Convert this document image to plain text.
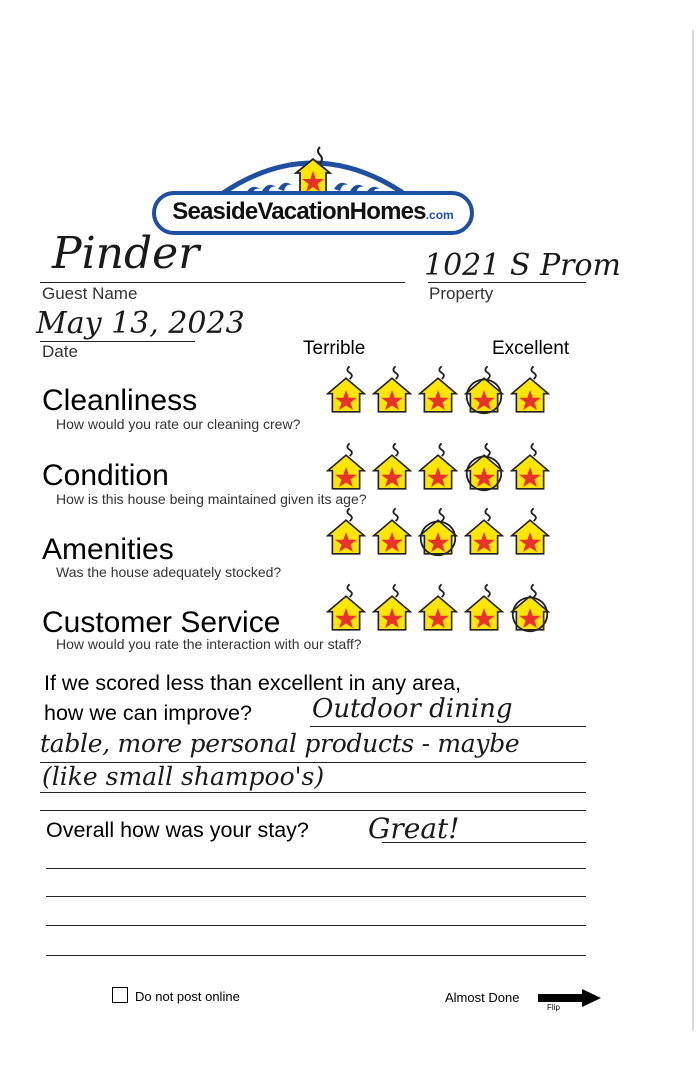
SeasideVacationHomes.com
Pinder
Guest Name
1021 S Prom
Property
May 13, 2023
Date	Terrible	Excellent
Cleanliness
How would you rate our cleaning crew?
Condition
How is this house being maintained given its age?
Amenities
Was the house adequately stocked?
Customer Service
How would you rate the interaction with our staff?
If we scored less than excellent in any area,
how we can improve? Outdoor dining
table, more personal products - maybe
(like small shampoo's)
Overall how was your stay? Great!
Do not post online	Almost Done
Flip
